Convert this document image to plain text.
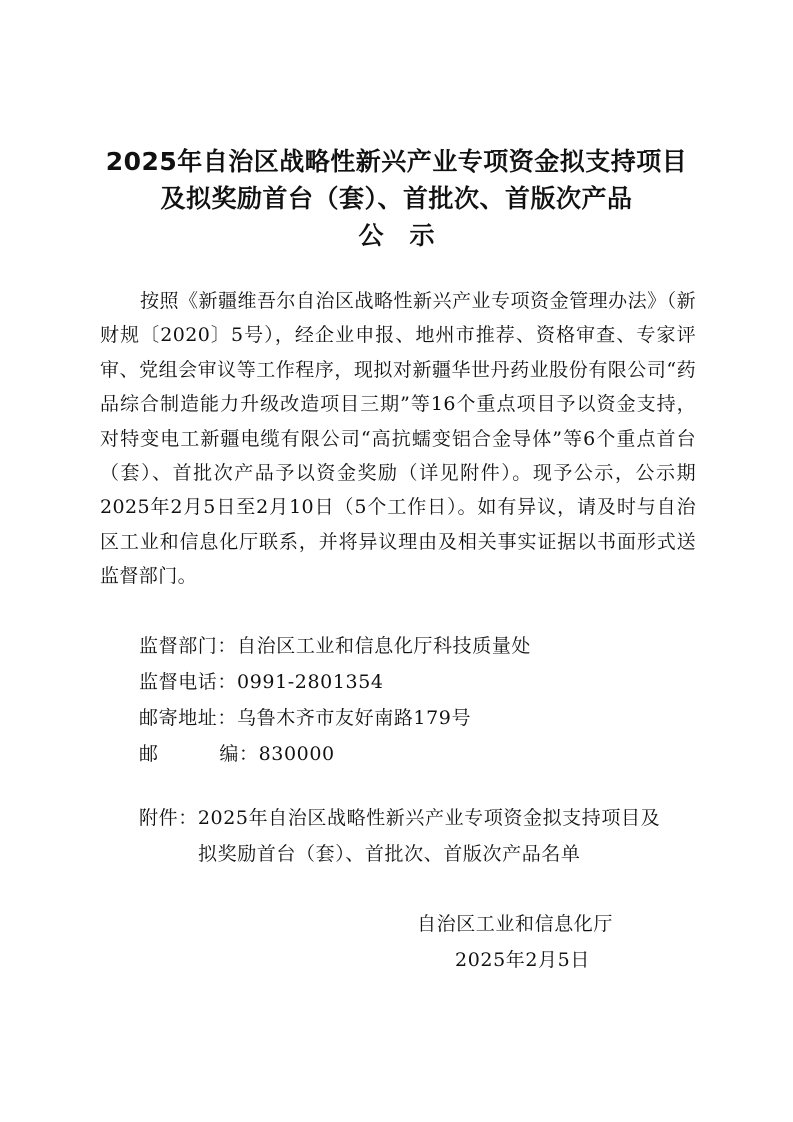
2025年自治区战略性新兴产业专项资金拟支持项目
及拟奖励首台（套）、首批次、首版次产品
公示
按照《新疆维吾尔自治区战略性新兴产业专项资金管理办法》（新财规〔2020〕5号），经企业申报、地州市推荐、资格审查、专家评审、党组会审议等工作程序，现拟对新疆华世丹药业股份有限公司“药品综合制造能力升级改造项目三期”等16个重点项目予以资金支持，对特变电工新疆电缆有限公司“高抗蠕变铝合金导体”等6个重点首台（套）、首批次产品予以资金奖励（详见附件）。现予公示，公示期2025年2月5日至2月10日（5个工作日）。如有异议，请及时与自治区工业和信息化厅联系，并将异议理由及相关事实证据以书面形式送监督部门。
监督部门：自治区工业和信息化厅科技质量处
监督电话：0991-2801354
邮寄地址：乌鲁木齐市友好南路179号
邮编：830000
附件：2025年自治区战略性新兴产业专项资金拟支持项目及
拟奖励首台（套）、首批次、首版次产品名单
自治区工业和信息化厅
2025年2月5日
